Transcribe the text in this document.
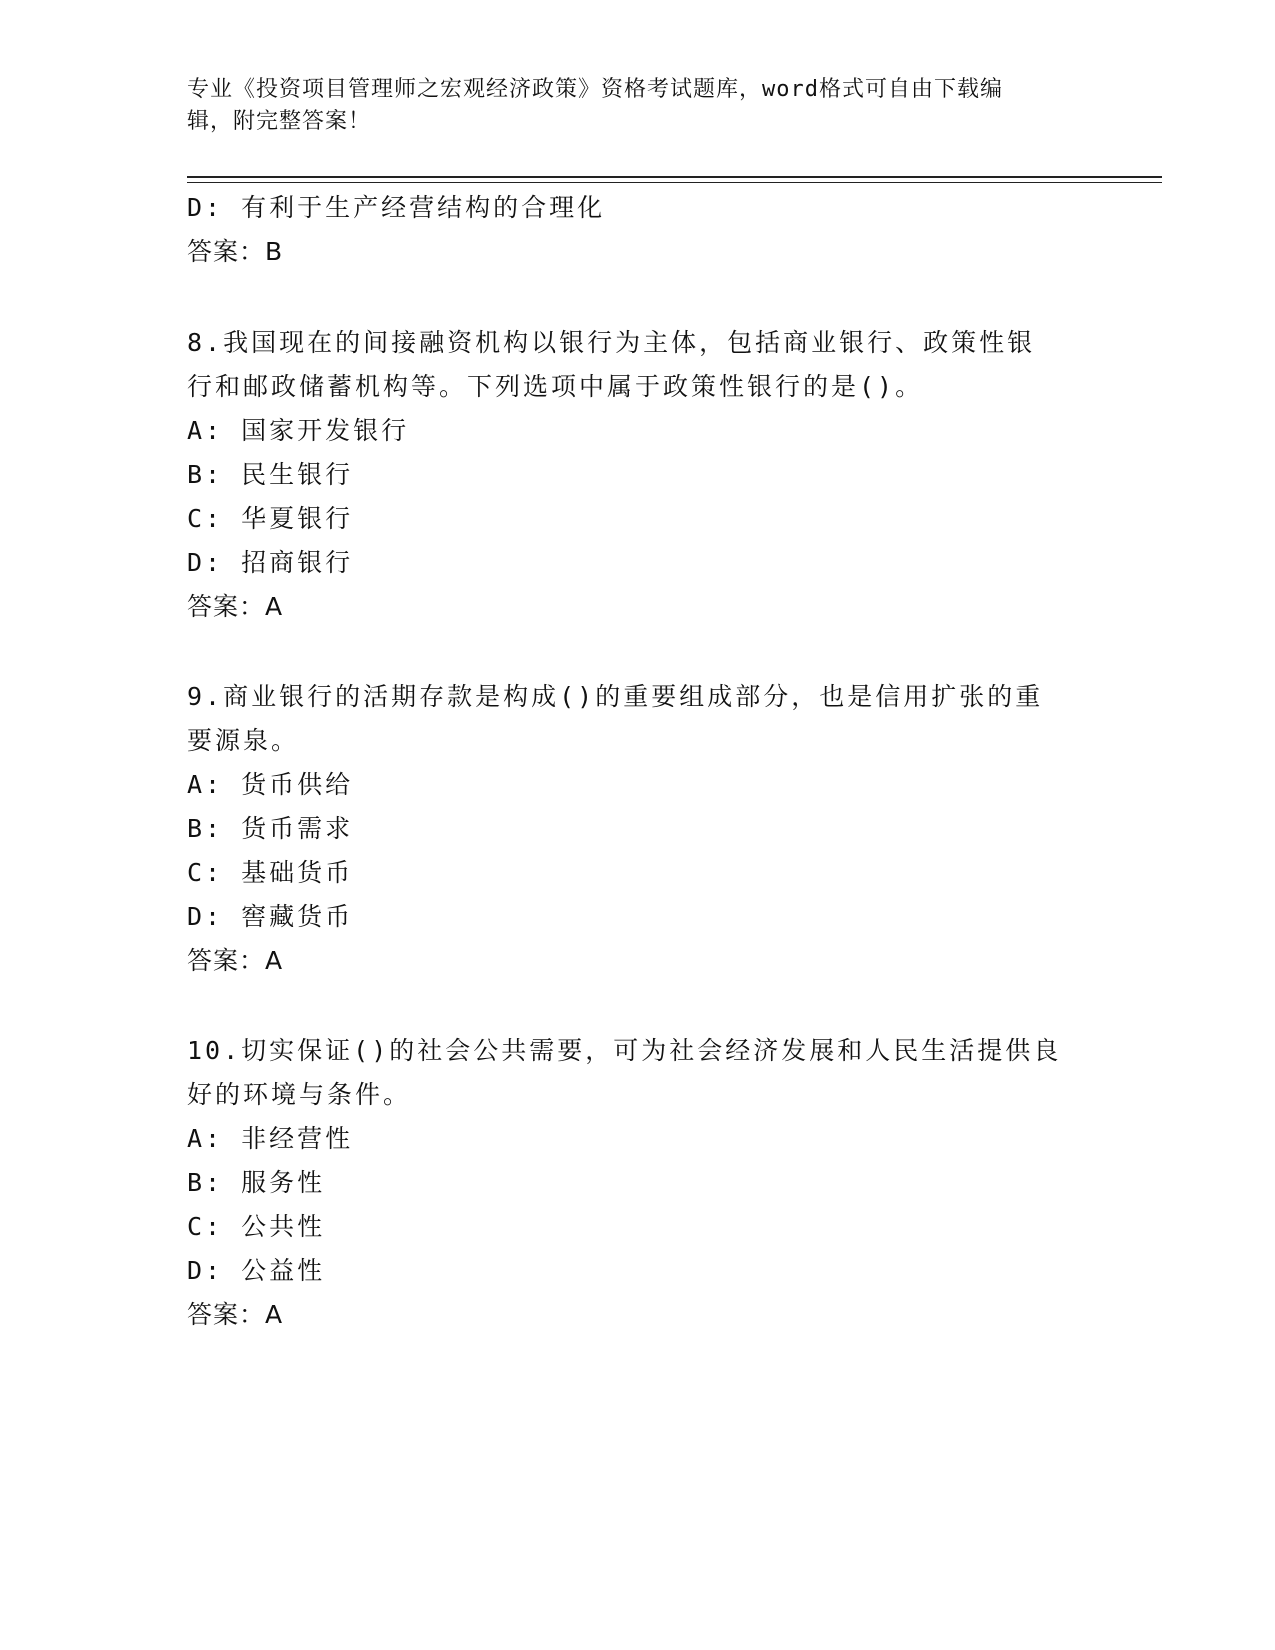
专业《投资项目管理师之宏观经济政策》资格考试题库，word格式可自由下载编
辑，附完整答案！
D: 有利于生产经营结构的合理化
答案：B
8.我国现在的间接融资机构以银行为主体，包括商业银行、政策性银
行和邮政储蓄机构等。下列选项中属于政策性银行的是()。
A: 国家开发银行
B: 民生银行
C: 华夏银行
D: 招商银行
答案：A
9.商业银行的活期存款是构成()的重要组成部分，也是信用扩张的重
要源泉。
A: 货币供给
B: 货币需求
C: 基础货币
D: 窖藏货币
答案：A
10.切实保证()的社会公共需要，可为社会经济发展和人民生活提供良
好的环境与条件。
A: 非经营性
B: 服务性
C: 公共性
D: 公益性
答案：A
